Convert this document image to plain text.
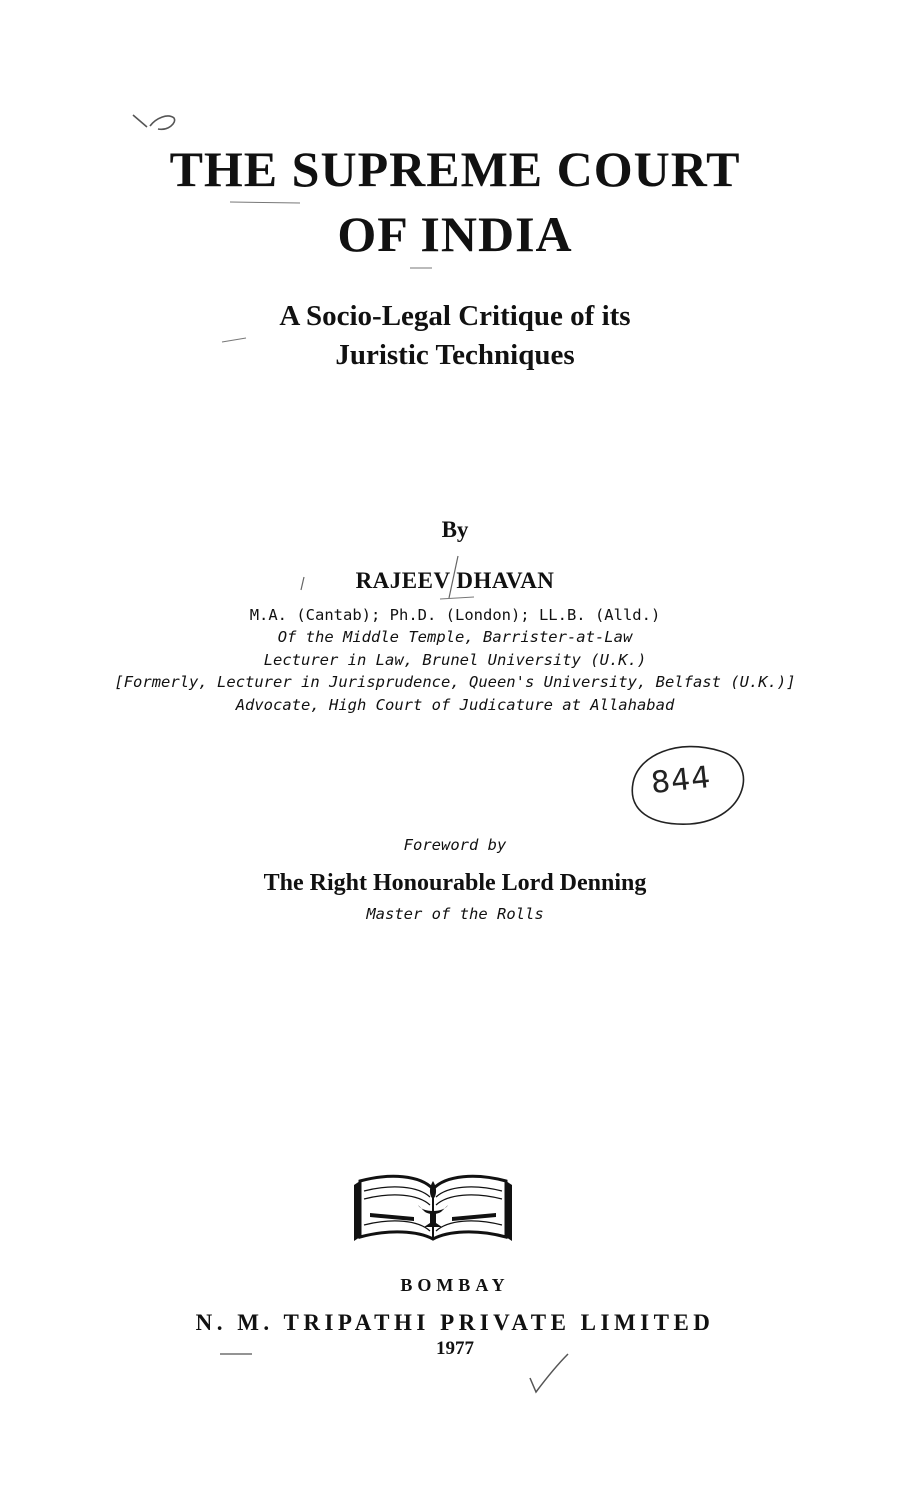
THE SUPREME COURT
OF INDIA
A Socio-Legal Critique of its
Juristic Techniques
By
RAJEEV DHAVAN
M.A. (Cantab); Ph.D. (London); LL.B. (Alld.)
Of the Middle Temple, Barrister-at-Law
Lecturer in Law, Brunel University (U.K.)
[Formerly, Lecturer in Jurisprudence, Queen's University, Belfast (U.K.)]
Advocate, High Court of Judicature at Allahabad
844
Foreword by
The Right Honourable Lord Denning
Master of the Rolls
BOMBAY
N. M. TRIPATHI PRIVATE LIMITED
1977
